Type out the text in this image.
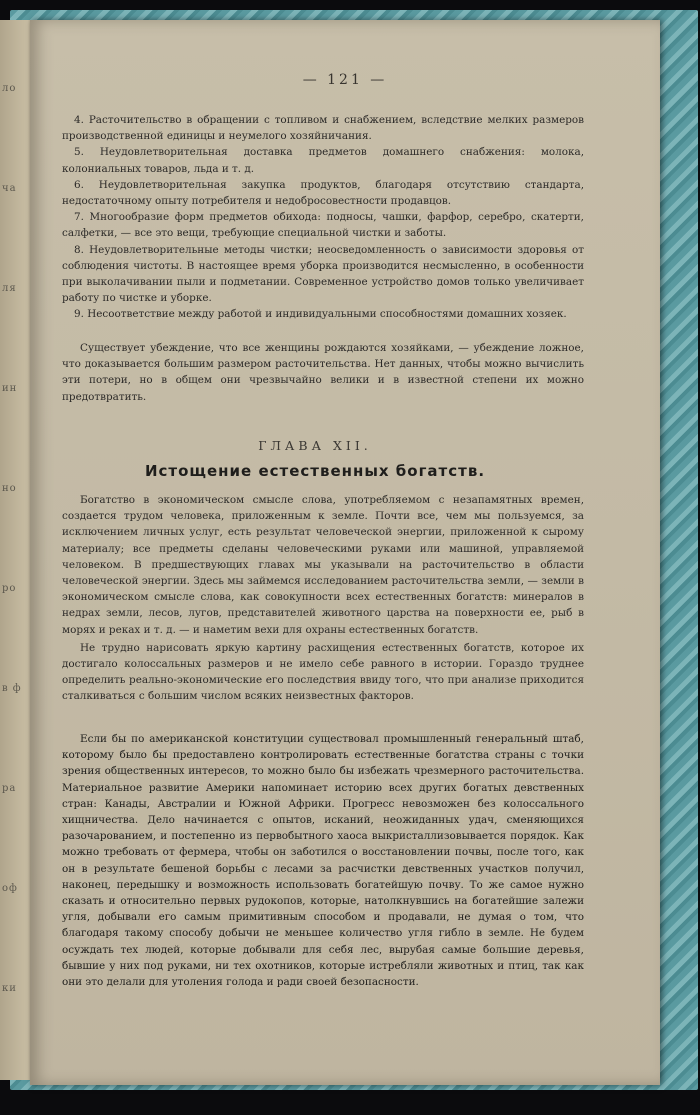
ло
ча
ля
ин
но
ро
в ф
ра
оф
ки
— 121 —

4. Расточительство в обращении с топливом и снабжением, вследствие мелких размеров производственной единицы и неумелого хозяйничания.

5. Неудовлетворительная доставка предметов домашнего снабжения: молока, колониальных товаров, льда и т. д.

6. Неудовлетворительная закупка продуктов, благодаря отсутствию стандарта, недостаточному опыту потребителя и недобросовестности продавцов.

7. Многообразие форм предметов обихода: подносы, чашки, фарфор, серебро, скатерти, салфетки, — все это вещи, требующие специальной чистки и заботы.

8. Неудовлетворительные методы чистки; неосведомленность о зависимости здоровья от соблюдения чистоты. В настоящее время уборка производится несмысленно, в особенности при выколачивании пыли и подметании. Современное устройство домов только увеличивает работу по чистке и уборке.

9. Несоответствие между работой и индивидуальными способностями домашних хозяек.

Существует убеждение, что все женщины рождаются хозяйками, — убеждение ложное, что доказывается большим размером расточительства. Нет данных, чтобы можно вычислить эти потери, но в общем они чрезвычайно велики и в известной степени их можно предотвратить.

ГЛАВА XII.
Истощение естественных богатств.

Богатство в экономическом смысле слова, употребляемом с незапамятных времен, создается трудом человека, приложенным к земле. Почти все, чем мы пользуемся, за исключением личных услуг, есть результат человеческой энергии, приложенной к сырому материалу; все предметы сделаны человеческими руками или машиной, управляемой человеком. В предшествующих главах мы указывали на расточительство в области человеческой энергии. Здесь мы займемся исследованием расточительства земли, — земли в экономическом смысле слова, как совокупности всех естественных богатств: минералов в недрах земли, лесов, лугов, представителей животного царства на поверхности ее, рыб в морях и реках и т. д. — и наметим вехи для охраны естественных богатств.

Не трудно нарисовать яркую картину расхищения естественных богатств, которое их достигало колоссальных размеров и не имело себе равного в истории. Гораздо труднее определить реально-экономические его последствия ввиду того, что при анализе приходится сталкиваться с большим числом всяких неизвестных факторов.

Если бы по американской конституции существовал промышленный генеральный штаб, которому было бы предоставлено контролировать естественные богатства страны с точки зрения общественных интересов, то можно было бы избежать чрезмерного расточительства. Материальное развитие Америки напоминает историю всех других богатых девственных стран: Канады, Австралии и Южной Африки. Прогресс невозможен без колоссального хищничества. Дело начинается с опытов, исканий, неожиданных удач, сменяющихся разочарованием, и постепенно из первобытного хаоса выкристаллизовывается порядок. Как можно требовать от фермера, чтобы он заботился о восстановлении почвы, после того, как он в результате бешеной борьбы с лесами за расчистки девственных участков получил, наконец, передышку и возможность использовать богатейшую почву. То же самое нужно сказать и относительно первых рудокопов, которые, натолкнувшись на богатейшие залежи угля, добывали его самым примитивным способом и продавали, не думая о том, что благодаря такому способу добычи не меньшее количество угля гибло в земле. Не будем осуждать тех людей, которые добывали для себя лес, вырубая самые большие деревья, бывшие у них под руками, ни тех охотников, которые истребляли животных и птиц, так как они это делали для утоления голода и ради своей безопасности.
